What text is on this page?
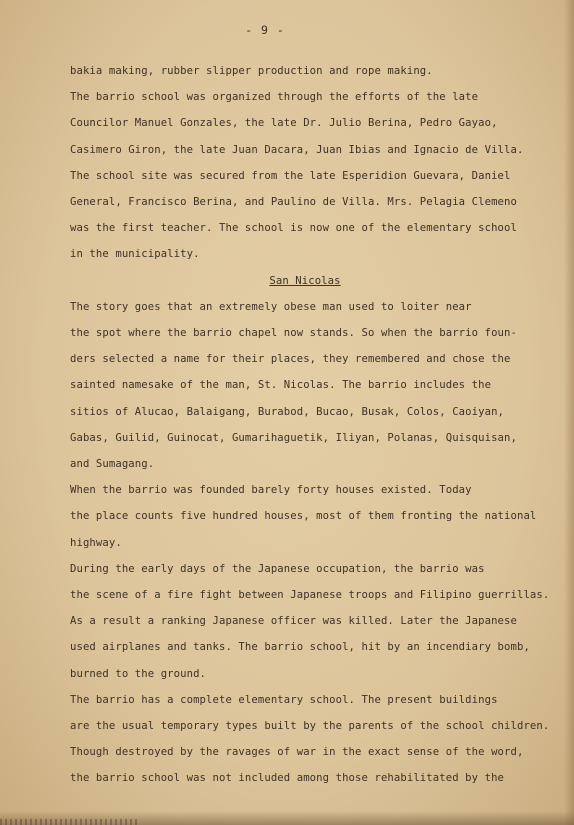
- 9 -
bakia making, rubber slipper production and rope making.
The barrio school was organized through the efforts of the late
Councilor Manuel Gonzales, the late Dr. Julio Berina, Pedro Gayao,
Casimero Giron, the late Juan Dacara, Juan Ibias and Ignacio de Villa.
The school site was secured from the late Esperidion Guevara, Daniel
General, Francisco Berina, and Paulino de Villa. Mrs. Pelagia Clemeno
was the first teacher. The school is now one of the elementary school
in the municipality.
San Nicolas
The story goes that an extremely obese man used to loiter near
the spot where the barrio chapel now stands. So when the barrio foun-
ders selected a name for their places, they remembered and chose the
sainted namesake of the man, St. Nicolas. The barrio includes the
sitios of Alucao, Balaigang, Burabod, Bucao, Busak, Colos, Caoiyan,
Gabas, Guilid, Guinocat, Gumarihaguetik, Iliyan, Polanas, Quisquisan,
and Sumagang.
When the barrio was founded barely forty houses existed. Today
the place counts five hundred houses, most of them fronting the national
highway.
During the early days of the Japanese occupation, the barrio was
the scene of a fire fight between Japanese troops and Filipino guerrillas.
As a result a ranking Japanese officer was killed. Later the Japanese
used airplanes and tanks. The barrio school, hit by an incendiary bomb,
burned to the ground.
The barrio has a complete elementary school. The present buildings
are the usual temporary types built by the parents of the school children.
Though destroyed by the ravages of war in the exact sense of the word,
the barrio school was not included among those rehabilitated by the
